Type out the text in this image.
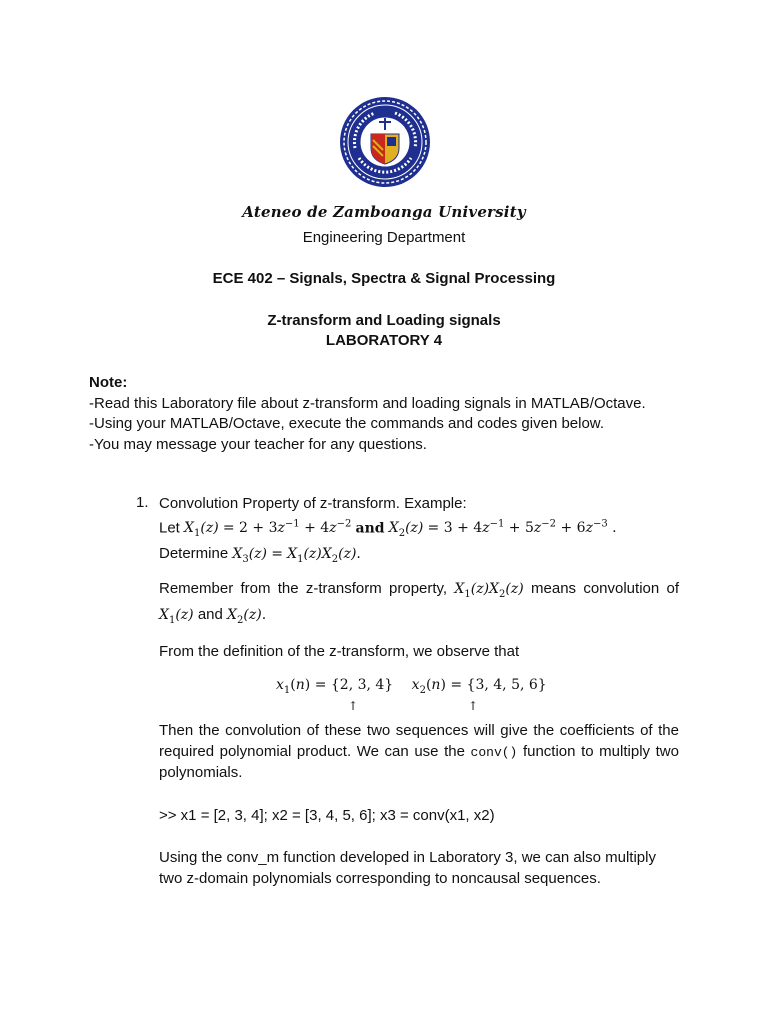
Ateneo de Zamboanga University
Engineering Department
ECE 402 – Signals, Spectra & Signal Processing
Z-transform and Loading signals
LABORATORY 4
Note:
-Read this Laboratory file about z-transform and loading signals in MATLAB/Octave.
-Using your MATLAB/Octave, execute the commands and codes given below.
-You may message your teacher for any questions.
1. Convolution Property of z-transform. Example:
Let $X_1(z) = 2 + 3z^{-1} + 4z^{-2}$ and $X_2(z) = 3 + 4z^{-1} + 5z^{-2} + 6z^{-3}$ .
Determine $X_3(z) = X_1(z)X_2(z)$.
Remember from the z-transform property, $X_1(z)X_2(z)$ means convolution of $X_1(z)$ and $X_2(z)$.
From the definition of the z-transform, we observe that
$x_1(n) = \{2$, 3, 4} $x_2(n) = \{3$, 4, 5, 6}
↑	↑
Then the convolution of these two sequences will give the coefficients of the required polynomial product. We can use the conv() function to multiply two polynomials.
>> x1 = [2, 3, 4]; x2 = [3, 4, 5, 6]; x3 = conv(x1, x2)
Using the conv_m function developed in Laboratory 3, we can also multiply two z-domain polynomials corresponding to noncausal sequences.
